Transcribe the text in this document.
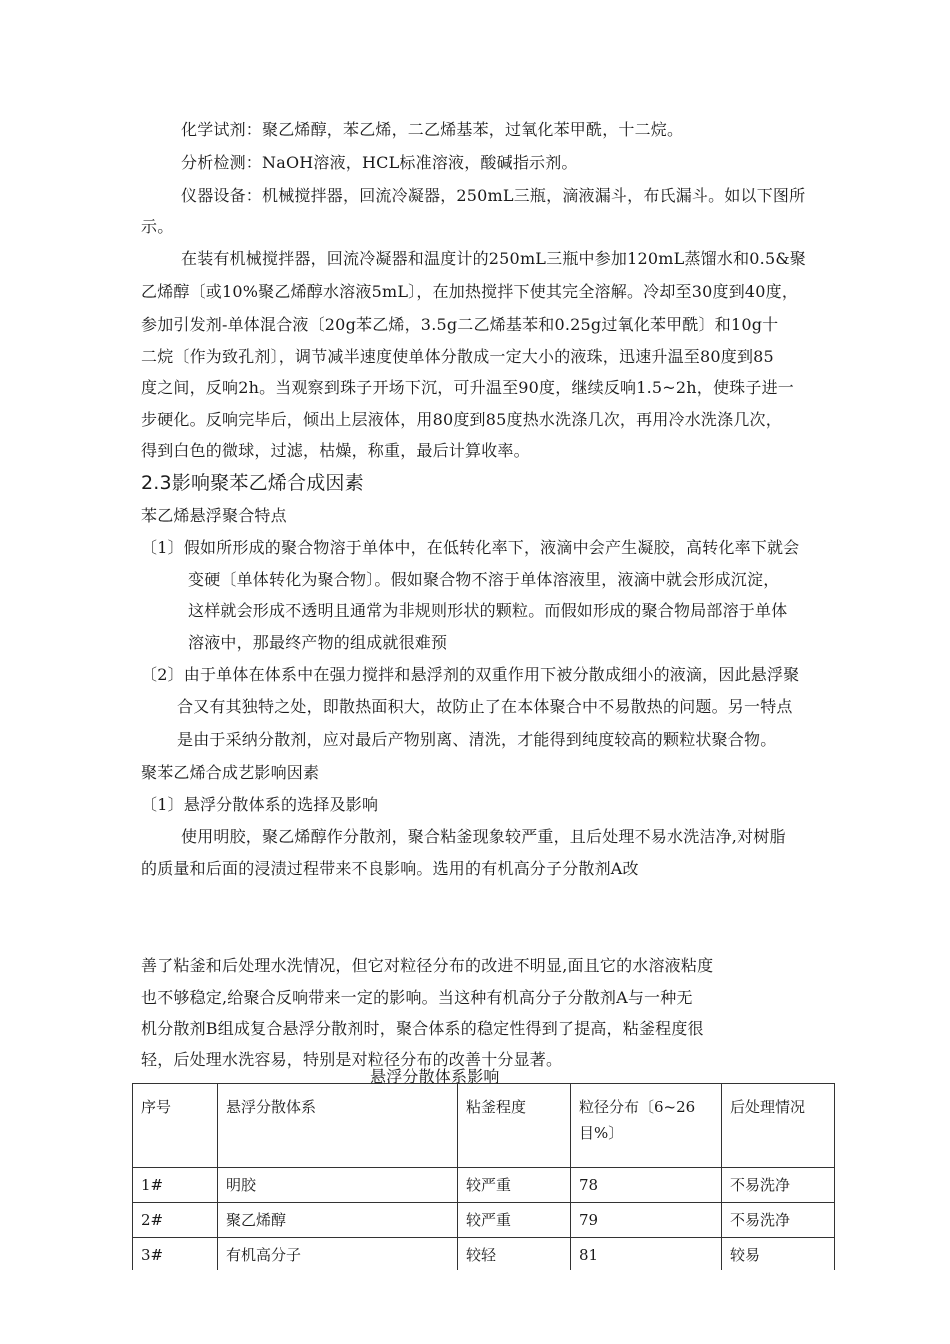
化学试剂：聚乙烯醇，苯乙烯，二乙烯基苯，过氧化苯甲酰，十二烷。
分析检测：NaOH溶液，HCL标准溶液，酸碱指示剂。
仪器设备：机械搅拌器，回流冷凝器，250mL三瓶，滴液漏斗，布氏漏斗。如以下图所
示。
在装有机械搅拌器，回流冷凝器和温度计的250mL三瓶中参加120mL蒸馏水和0.5&聚
乙烯醇〔或10%聚乙烯醇水溶液5mL〕，在加热搅拌下使其完全溶解。冷却至30度到40度，
参加引发剂-单体混合液〔20g苯乙烯，3.5g二乙烯基苯和0.25g过氧化苯甲酰〕和10g十
二烷〔作为致孔剂〕，调节减半速度使单体分散成一定大小的液珠，迅速升温至80度到85
度之间，反响2h。当观察到珠子开场下沉，可升温至90度，继续反响1.5~2h，使珠子进一
步硬化。反响完毕后，倾出上层液体，用80度到85度热水洗涤几次，再用冷水洗涤几次，
得到白色的微球，过滤，枯燥，称重，最后计算收率。
2.3影响聚苯乙烯合成因素
苯乙烯悬浮聚合特点
〔1〕假如所形成的聚合物溶于单体中，在低转化率下，液滴中会产生凝胶，高转化率下就会
变硬〔单体转化为聚合物〕。假如聚合物不溶于单体溶液里，液滴中就会形成沉淀，
这样就会形成不透明且通常为非规则形状的颗粒。而假如形成的聚合物局部溶于单体
溶液中，那最终产物的组成就很难预
〔2〕由于单体在体系中在强力搅拌和悬浮剂的双重作用下被分散成细小的液滴，因此悬浮聚
合又有其独特之处，即散热面积大，故防止了在本体聚合中不易散热的问题。另一特点
是由于采纳分散剂，应对最后产物别离、清洗，才能得到纯度较高的颗粒状聚合物。
聚苯乙烯合成艺影响因素
〔1〕悬浮分散体系的选择及影响
使用明胶，聚乙烯醇作分散剂，聚合粘釜现象较严重，且后处理不易水洗洁净,对树脂
的质量和后面的浸渍过程带来不良影响。选用的有机高分子分散剂A改
善了粘釜和后处理水洗情况，但它对粒径分布的改进不明显,面且它的水溶液粘度
也不够稳定,给聚合反响带来一定的影响。当这种有机高分子分散剂A与一种无
机分散剂B组成复合悬浮分散剂时，聚合体系的稳定性得到了提高，粘釜程度很
轻，后处理水洗容易，特别是对粒径分布的改善十分显著。
悬浮分散体系影响
序号	悬浮分散体系	粘釜程度	粒径分布〔6~26目%〕	后处理情况
1#	明胶	较严重	78	不易洗净
2#	聚乙烯醇	较严重	79	不易洗净
3#	有机高分子	较轻	81	较易
